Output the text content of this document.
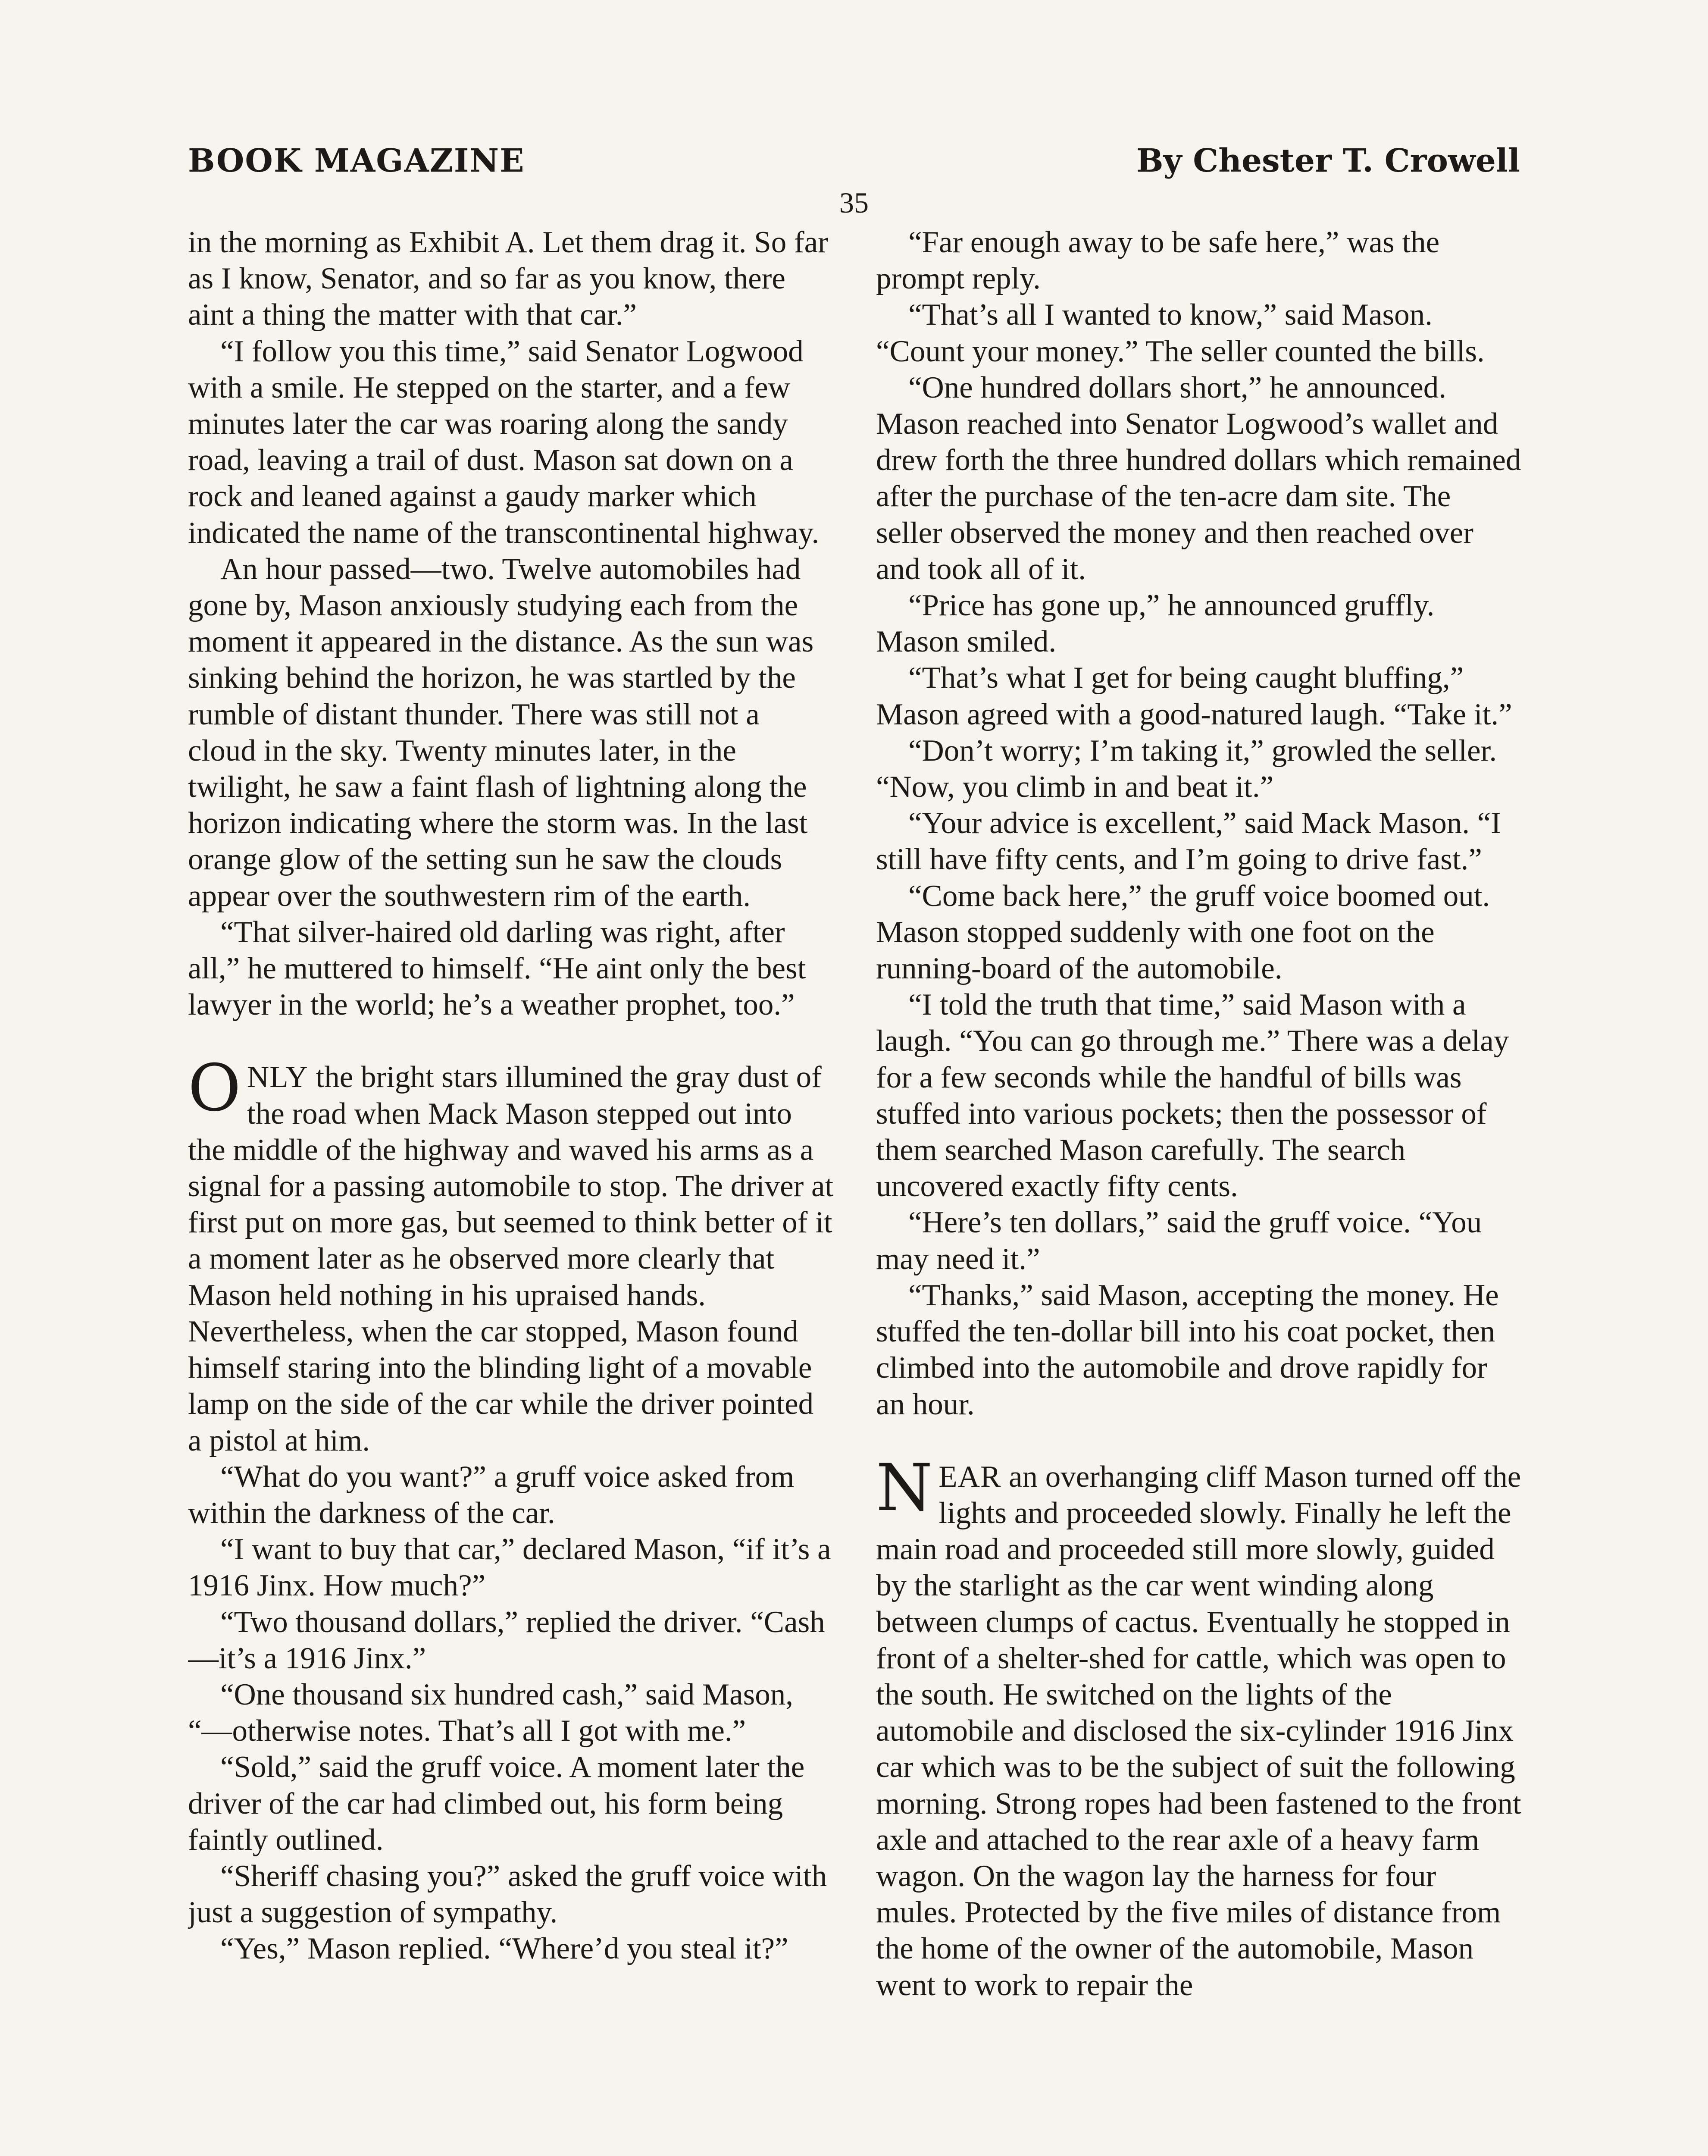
BOOK MAGAZINE	By Chester T. Crowell
35

in the morning as Exhibit A. Let them drag it. So far as I know, Senator, and so far as you know, there aint a thing the matter with that car.”

“I follow you this time,” said Senator Logwood with a smile. He stepped on the starter, and a few minutes later the car was roaring along the sandy road, leaving a trail of dust. Mason sat down on a rock and leaned against a gaudy marker which indicated the name of the transcontinental highway.

An hour passed—two. Twelve automobiles had gone by, Mason anxiously studying each from the moment it appeared in the distance. As the sun was sinking behind the horizon, he was startled by the rumble of distant thunder. There was still not a cloud in the sky. Twenty minutes later, in the twilight, he saw a faint flash of lightning along the horizon indicating where the storm was. In the last orange glow of the setting sun he saw the clouds appear over the southwestern rim of the earth.

“That silver-haired old darling was right, after all,” he muttered to himself. “He aint only the best lawyer in the world; he’s a weather prophet, too.”

ONLY the bright stars illumined the gray dust of the road when Mack Mason stepped out into the middle of the highway and waved his arms as a signal for a passing automobile to stop. The driver at first put on more gas, but seemed to think better of it a moment later as he observed more clearly that Mason held nothing in his upraised hands. Nevertheless, when the car stopped, Mason found himself staring into the blinding light of a movable lamp on the side of the car while the driver pointed a pistol at him.

“What do you want?” a gruff voice asked from within the darkness of the car.

“I want to buy that car,” declared Mason, “if it’s a 1916 Jinx. How much?”

“Two thousand dollars,” replied the driver. “Cash—it’s a 1916 Jinx.”

“One thousand six hundred cash,” said Mason, “—otherwise notes. That’s all I got with me.”

“Sold,” said the gruff voice. A moment later the driver of the car had climbed out, his form being faintly outlined.

“Sheriff chasing you?” asked the gruff voice with just a suggestion of sympathy.

“Yes,” Mason replied. “Where’d you steal it?”

“Far enough away to be safe here,” was the prompt reply.

“That’s all I wanted to know,” said Mason. “Count your money.” The seller counted the bills.

“One hundred dollars short,” he announced. Mason reached into Senator Logwood’s wallet and drew forth the three hundred dollars which remained after the purchase of the ten-acre dam site. The seller observed the money and then reached over and took all of it.

“Price has gone up,” he announced gruffly. Mason smiled.

“That’s what I get for being caught bluffing,” Mason agreed with a good-natured laugh. “Take it.”

“Don’t worry; I’m taking it,” growled the seller. “Now, you climb in and beat it.”

“Your advice is excellent,” said Mack Mason. “I still have fifty cents, and I’m going to drive fast.”

“Come back here,” the gruff voice boomed out. Mason stopped suddenly with one foot on the running-board of the automobile.

“I told the truth that time,” said Mason with a laugh. “You can go through me.” There was a delay for a few seconds while the handful of bills was stuffed into various pockets; then the possessor of them searched Mason carefully. The search uncovered exactly fifty cents.

“Here’s ten dollars,” said the gruff voice. “You may need it.”

“Thanks,” said Mason, accepting the money. He stuffed the ten-dollar bill into his coat pocket, then climbed into the automobile and drove rapidly for an hour.

NEAR an overhanging cliff Mason turned off the lights and proceeded slowly. Finally he left the main road and proceeded still more slowly, guided by the starlight as the car went winding along between clumps of cactus. Eventually he stopped in front of a shelter-shed for cattle, which was open to the south. He switched on the lights of the automobile and disclosed the six-cylinder 1916 Jinx car which was to be the subject of suit the following morning. Strong ropes had been fastened to the front axle and attached to the rear axle of a heavy farm wagon. On the wagon lay the harness for four mules. Protected by the five miles of distance from the home of the owner of the automobile, Mason went to work to repair the
